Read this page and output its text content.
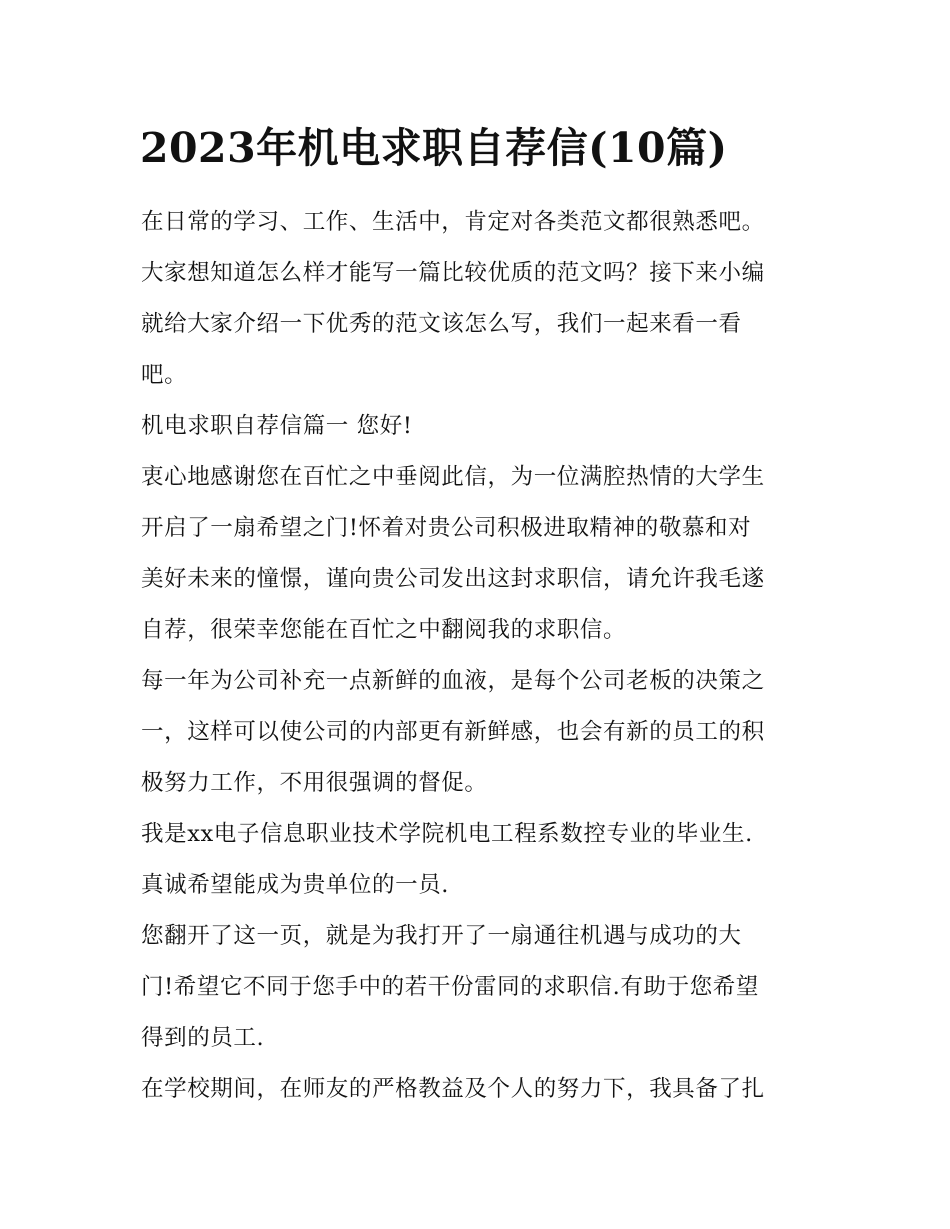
2023年机电求职自荐信(10篇)

在日常的学习、工作、生活中，肯定对各类范文都很熟悉吧。

大家想知道怎么样才能写一篇比较优质的范文吗？接下来小编

就给大家介绍一下优秀的范文该怎么写，我们一起来看一看

吧。

机电求职自荐信篇一 您好!

衷心地感谢您在百忙之中垂阅此信，为一位满腔热情的大学生

开启了一扇希望之门!怀着对贵公司积极进取精神的敬慕和对

美好未来的憧憬，谨向贵公司发出这封求职信，请允许我毛遂

自荐，很荣幸您能在百忙之中翻阅我的求职信。

每一年为公司补充一点新鲜的血液，是每个公司老板的决策之

一，这样可以使公司的内部更有新鲜感，也会有新的员工的积

极努力工作，不用很强调的督促。

我是xx电子信息职业技术学院机电工程系数控专业的毕业生.

真诚希望能成为贵单位的一员.

您翻开了这一页，就是为我打开了一扇通往机遇与成功的大

门!希望它不同于您手中的若干份雷同的求职信.有助于您希望

得到的员工.

在学校期间，在师友的严格教益及个人的努力下，我具备了扎
